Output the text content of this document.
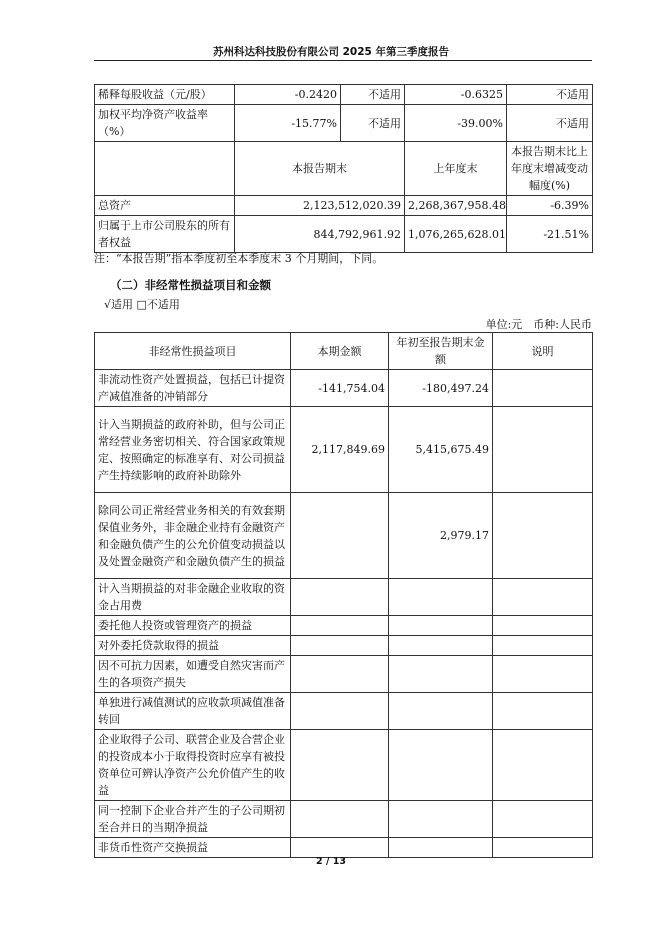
苏州科达科技股份有限公司 2025 年第三季度报告
稀释每股收益（元/股）	-0.2420	不适用	-0.6325	不适用
加权平均净资产收益率（%）	-15.77%	不适用	-39.00%	不适用
	本报告期末		上年度末	本报告期末比上年度末增减变动幅度(%)
总资产	2,123,512,020.39		2,268,367,958.48	-6.39%
归属于上市公司股东的所有者权益	844,792,961.92		1,076,265,628.01	-21.51%
注：“本报告期”指本季度初至本季度末 3 个月期间，下同。
（二）非经常性损益项目和金额
√适用 □不适用
单位:元　币种:人民币
非经常性损益项目	本期金额	年初至报告期末金额	说明
非流动性资产处置损益，包括已计提资产减值准备的冲销部分	-141,754.04	-180,497.24	
计入当期损益的政府补助，但与公司正常经营业务密切相关、符合国家政策规定、按照确定的标准享有、对公司损益产生持续影响的政府补助除外	2,117,849.69	5,415,675.49	
除同公司正常经营业务相关的有效套期保值业务外，非金融企业持有金融资产和金融负债产生的公允价值变动损益以及处置金融资产和金融负债产生的损益		2,979.17	
计入当期损益的对非金融企业收取的资金占用费			
委托他人投资或管理资产的损益			
对外委托贷款取得的损益			
因不可抗力因素，如遭受自然灾害而产生的各项资产损失			
单独进行减值测试的应收款项减值准备转回			
企业取得子公司、联营企业及合营企业的投资成本小于取得投资时应享有被投资单位可辨认净资产公允价值产生的收益			
同一控制下企业合并产生的子公司期初至合并日的当期净损益			
非货币性资产交换损益			
2 / 13
